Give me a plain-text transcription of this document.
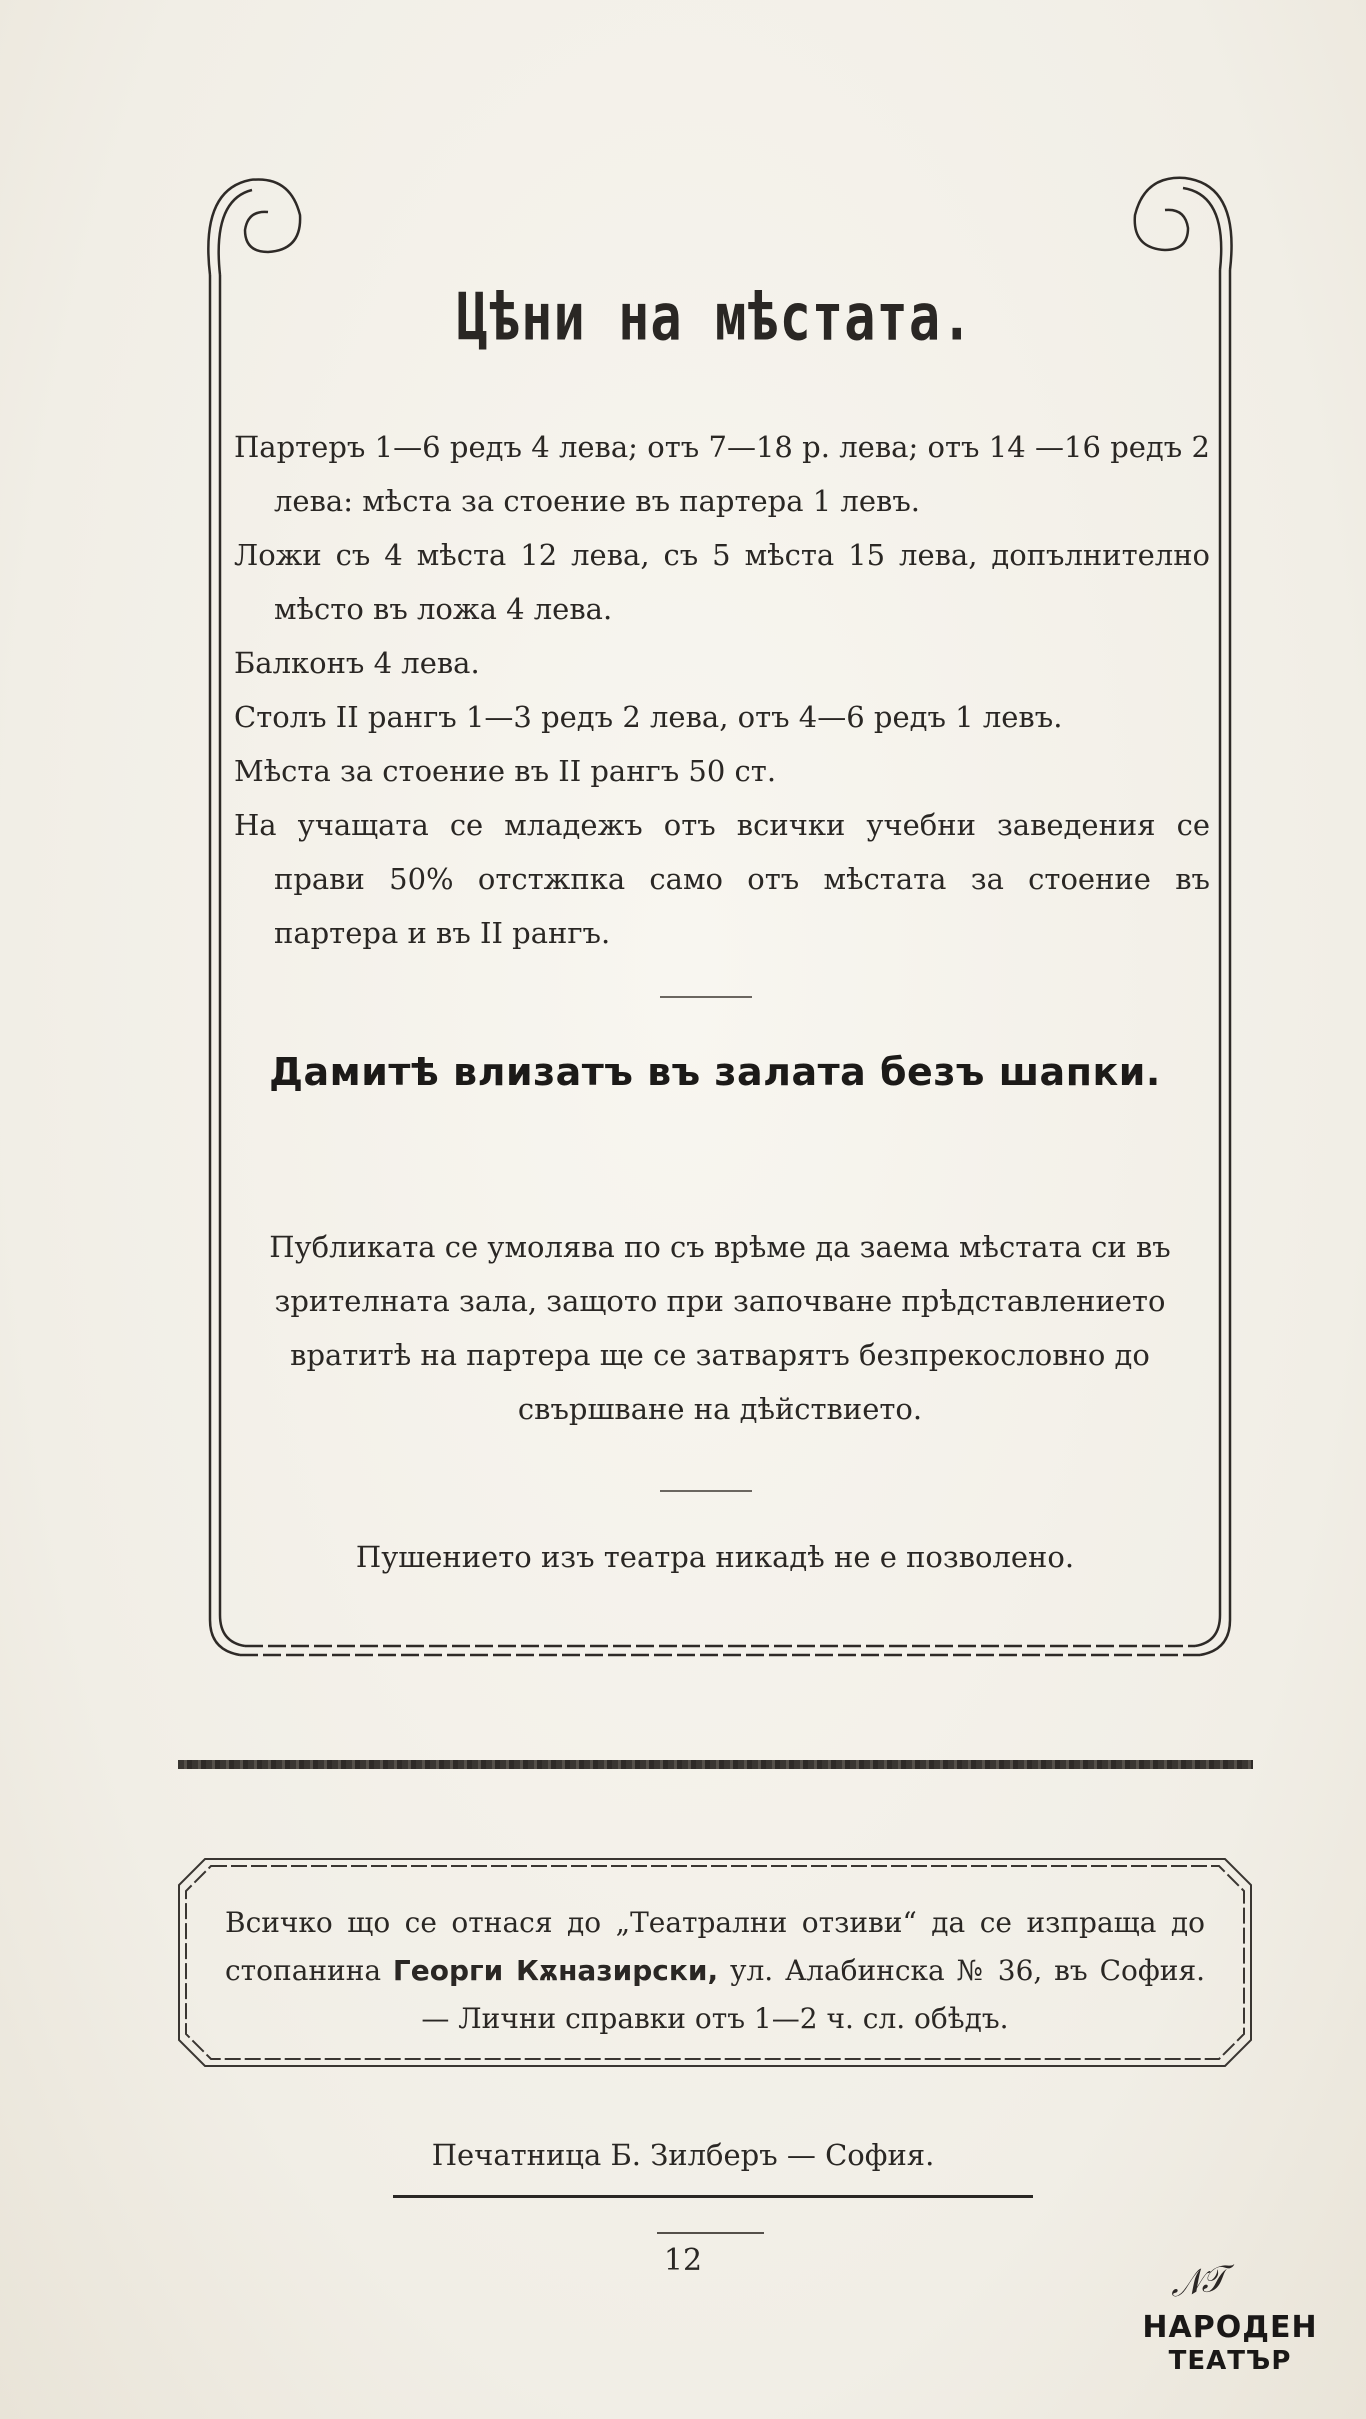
Цѣни на мѣстата.

Партеръ 1—6 редъ 4 лева; отъ 7—18 р. лева; отъ 14 —16 редъ 2 лева: мѣста за стоение въ партера 1 левъ.

Ложи съ 4 мѣста 12 лева, съ 5 мѣста 15 лева, допълнително мѣсто въ ложа 4 лева.

Балконъ 4 лева.

Столъ II рангъ 1—3 редъ 2 лева, отъ 4—6 редъ 1 левъ.

Мѣста за стоение въ II рангъ 50 ст.

На учащата се младежъ отъ всички учебни заведения се прави 50% отстжпка само отъ мѣстата за стоение въ партера и въ II рангъ.

Дамитѣ влизатъ въ залата безъ шапки.
Публиката се умолява по съ врѣме да заема мѣстата си въ зрителната зала, защото при започване прѣдставлението вратитѣ на партера ще се затварятъ безпрекословно до свършване на дѣйствието.
Пушението изъ театра никадѣ не е позволено.
Всичко що се отнася до „Театрални отзиви“ да се изпраща до стопанина Георги Кѫназирски, ул. Алабинска № 36, въ София. — Лични справки отъ 1—2 ч. сл. обѣдъ.
Печатница Б. Зилберъ — София.
12	𝒩𝒯
НАРОДЕН
ТЕАТЪР
